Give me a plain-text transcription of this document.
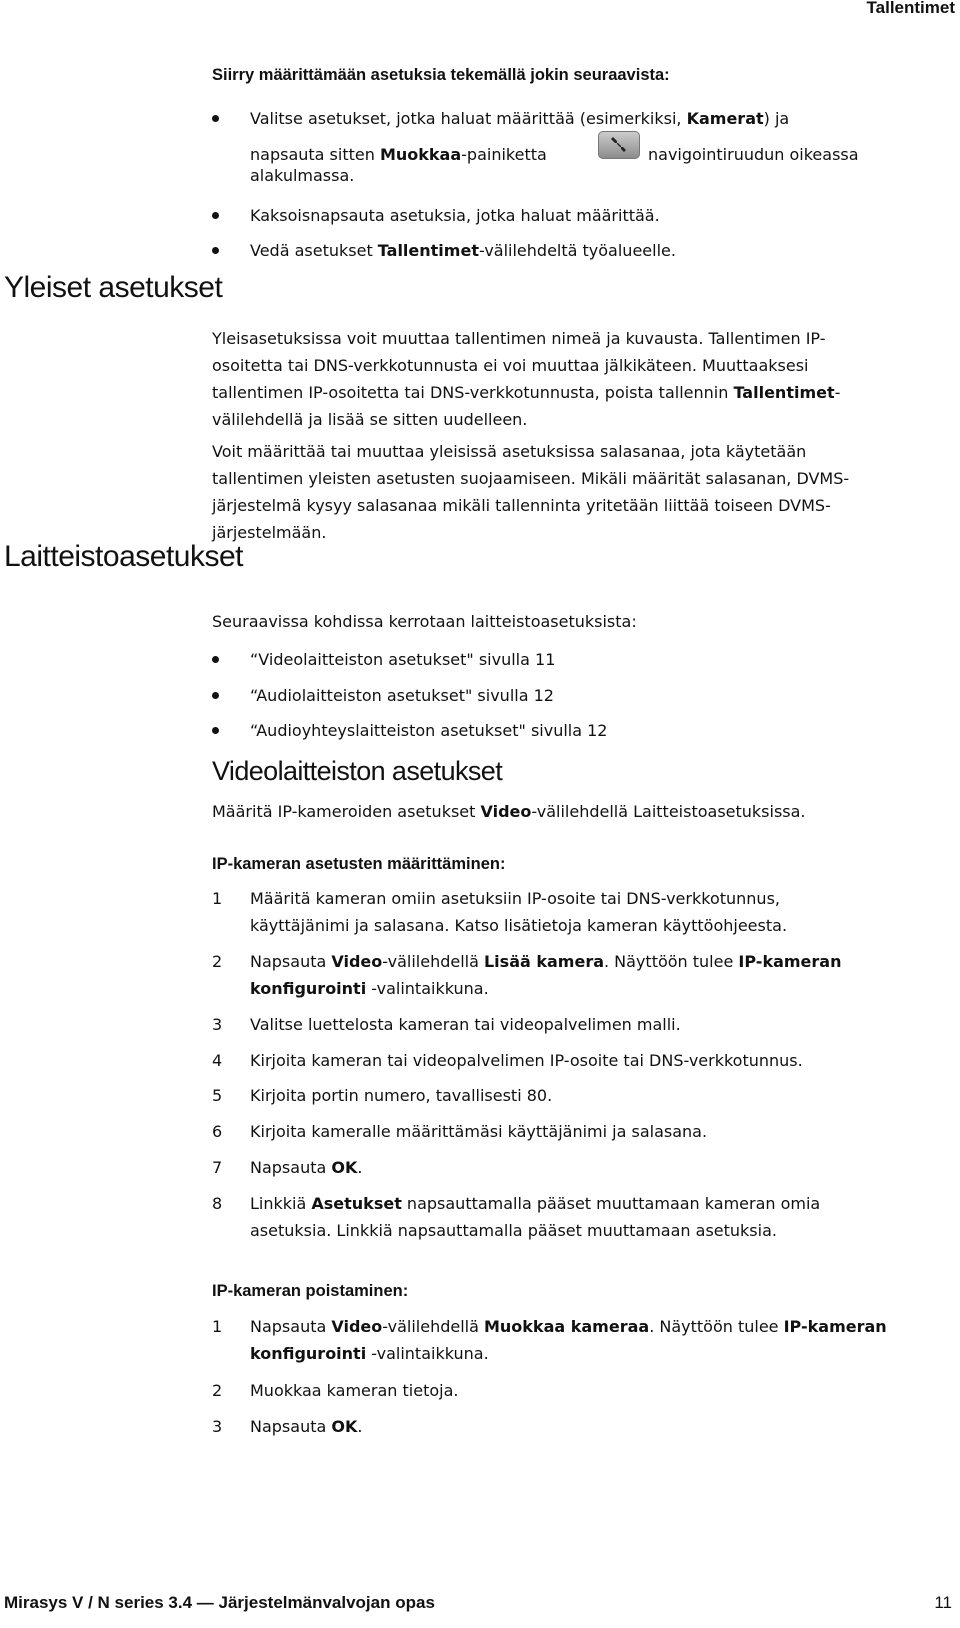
Tallentimet
Yleiset asetukset
Laitteistoasetukset
Siirry määrittämään asetuksia tekemällä jokin seuraavista:
Valitse asetukset, jotka haluat määrittää (esimerkiksi, Kamerat) ja
napsauta sitten Muokkaa-painiketta	navigointiruudun oikeassa
alakulmassa.
Kaksoisnapsauta asetuksia, jotka haluat määrittää.
Vedä asetukset Tallentimet-välilehdeltä työalueelle.
Yleisasetuksissa voit muuttaa tallentimen nimeä ja kuvausta. Tallentimen IP-
osoitetta tai DNS-verkkotunnusta ei voi muuttaa jälkikäteen. Muuttaaksesi
tallentimen IP-osoitetta tai DNS-verkkotunnusta, poista tallennin Tallentimet-
välilehdellä ja lisää se sitten uudelleen.
Voit määrittää tai muuttaa yleisissä asetuksissa salasanaa, jota käytetään
tallentimen yleisten asetusten suojaamiseen. Mikäli määrität salasanan, DVMS-
järjestelmä kysyy salasanaa mikäli tallenninta yritetään liittää toiseen DVMS-
järjestelmään.
Seuraavissa kohdissa kerrotaan laitteistoasetuksista:
“Videolaitteiston asetukset" sivulla 11
“Audiolaitteiston asetukset" sivulla 12
“Audioyhteyslaitteiston asetukset" sivulla 12
Videolaitteiston asetukset
Määritä IP-kameroiden asetukset Video-välilehdellä Laitteistoasetuksissa.
IP-kameran asetusten määrittäminen:
1 Määritä kameran omiin asetuksiin IP-osoite tai DNS-verkkotunnus,
käyttäjänimi ja salasana. Katso lisätietoja kameran käyttöohjeesta.
2 Napsauta Video-välilehdellä Lisää kamera. Näyttöön tulee IP-kameran
konfigurointi -valintaikkuna.
3 Valitse luettelosta kameran tai videopalvelimen malli.
4 Kirjoita kameran tai videopalvelimen IP-osoite tai DNS-verkkotunnus.
5 Kirjoita portin numero, tavallisesti 80.
6 Kirjoita kameralle määrittämäsi käyttäjänimi ja salasana.
7 Napsauta OK.
8 Linkkiä Asetukset napsauttamalla pääset muuttamaan kameran omia
asetuksia. Linkkiä napsauttamalla pääset muuttamaan asetuksia.
IP-kameran poistaminen:
1 Napsauta Video-välilehdellä Muokkaa kameraa. Näyttöön tulee IP-kameran
konfigurointi -valintaikkuna.
2 Muokkaa kameran tietoja.
3 Napsauta OK.
Mirasys V / N series 3.4 — Järjestelmänvalvojan opas	11
